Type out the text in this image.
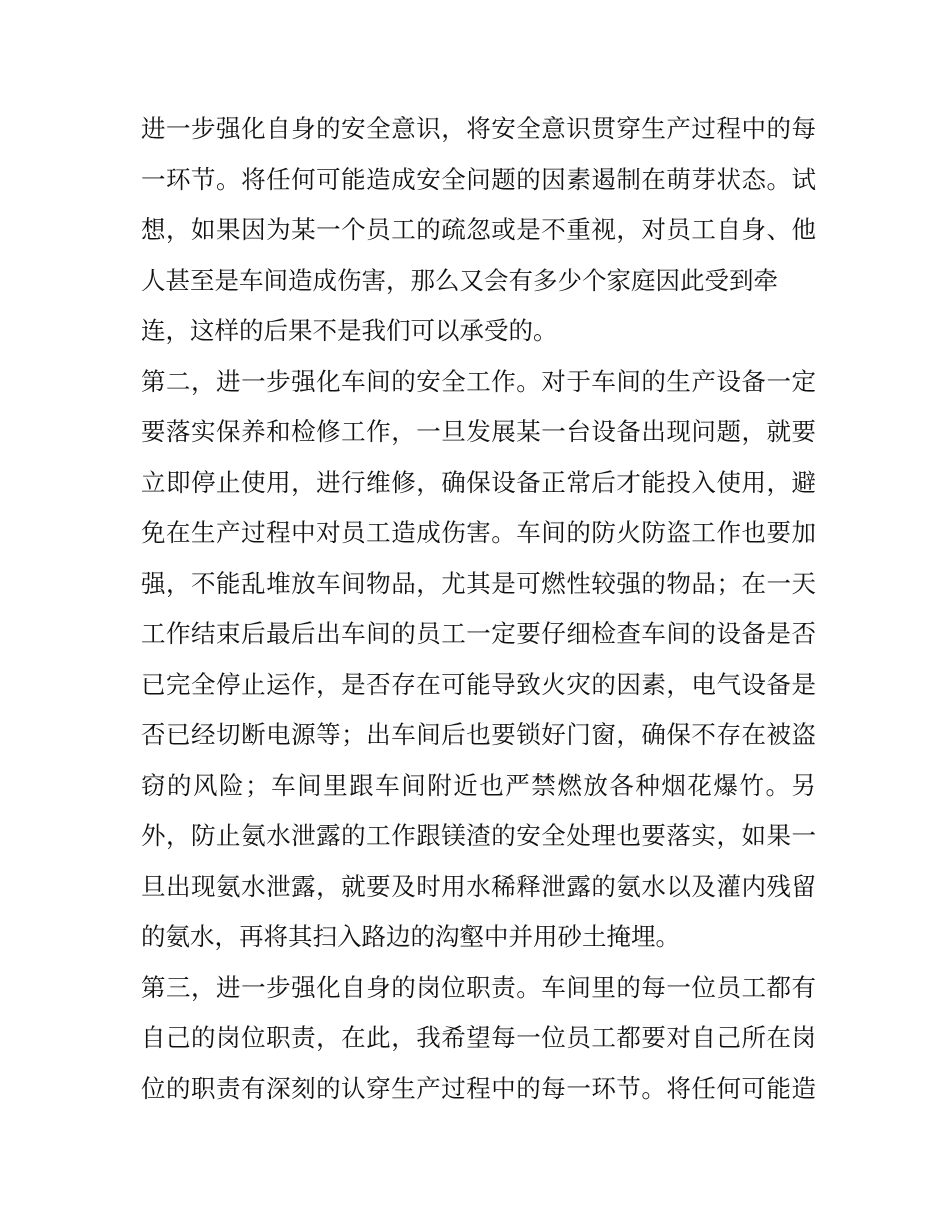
进一步强化自身的安全意识，将安全意识贯穿生产过程中的每
一环节。将任何可能造成安全问题的因素遏制在萌芽状态。试
想，如果因为某一个员工的疏忽或是不重视，对员工自身、他
人甚至是车间造成伤害，那么又会有多少个家庭因此受到牵
连，这样的后果不是我们可以承受的。
第二，进一步强化车间的安全工作。对于车间的生产设备一定
要落实保养和检修工作，一旦发展某一台设备出现问题，就要
立即停止使用，进行维修，确保设备正常后才能投入使用，避
免在生产过程中对员工造成伤害。车间的防火防盗工作也要加
强，不能乱堆放车间物品，尤其是可燃性较强的物品；在一天
工作结束后最后出车间的员工一定要仔细检查车间的设备是否
已完全停止运作，是否存在可能导致火灾的因素，电气设备是
否已经切断电源等；出车间后也要锁好门窗，确保不存在被盗
窃的风险；车间里跟车间附近也严禁燃放各种烟花爆竹。另
外，防止氨水泄露的工作跟镁渣的安全处理也要落实，如果一
旦出现氨水泄露，就要及时用水稀释泄露的氨水以及灌内残留
的氨水，再将其扫入路边的沟壑中并用砂土掩埋。
第三，进一步强化自身的岗位职责。车间里的每一位员工都有
自己的岗位职责，在此，我希望每一位员工都要对自己所在岗
位的职责有深刻的认穿生产过程中的每一环节。将任何可能造
